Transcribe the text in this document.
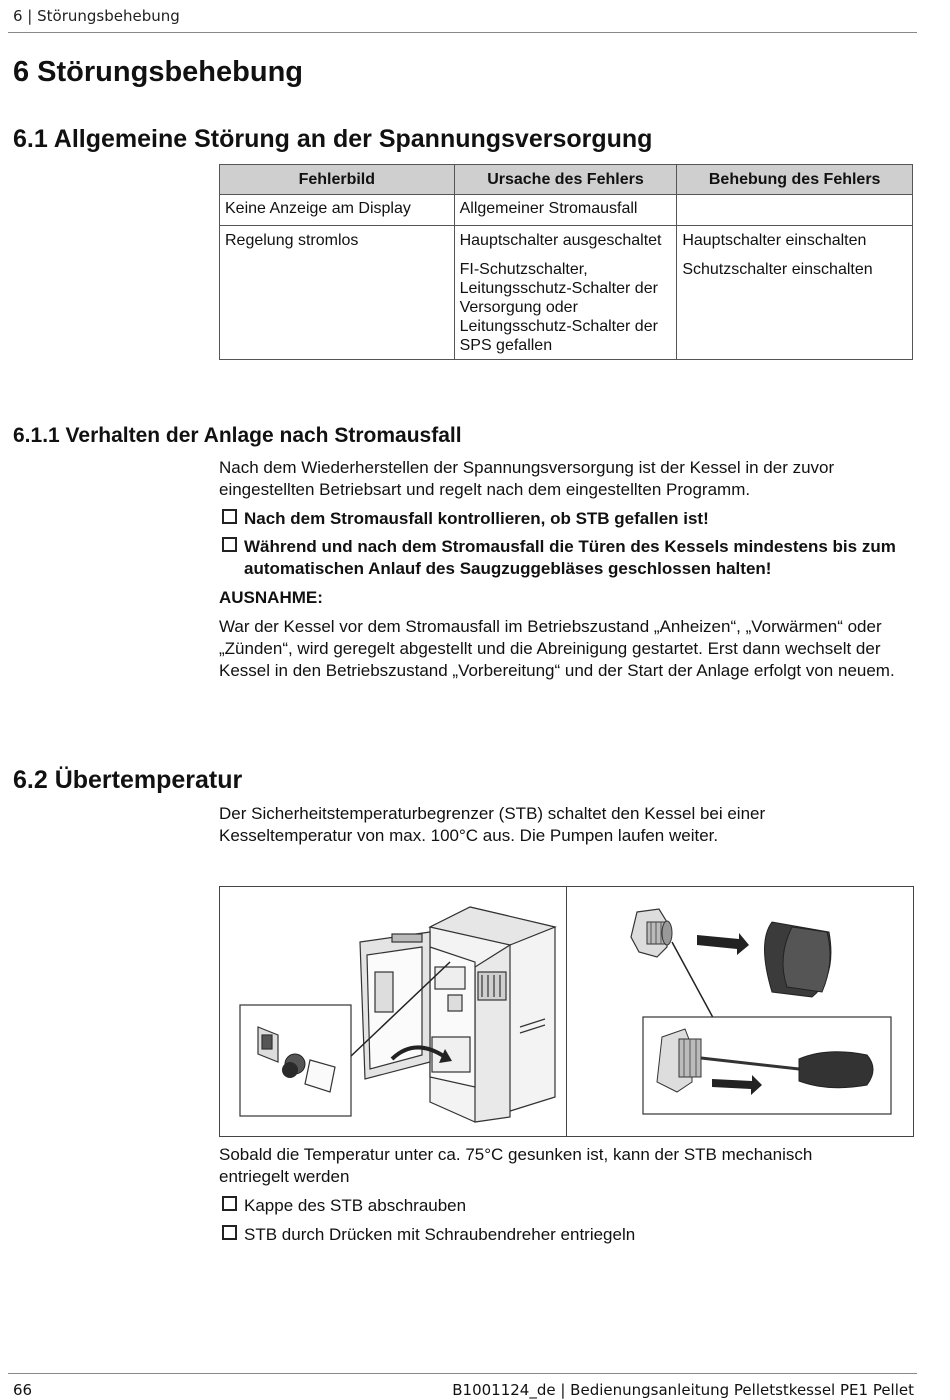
6 | Störungsbehebung
6 Störungsbehebung
6.1 Allgemeine Störung an der Spannungsversorgung
Fehlerbild	Ursache des Fehlers	Behebung des Fehlers
Keine Anzeige am Display	Allgemeiner Stromausfall	
Regelung stromlos	Hauptschalter ausgeschaltet	Hauptschalter einschalten
	FI-Schutzschalter, Leitungsschutz-Schalter der Versorgung oder Leitungsschutz-Schalter der SPS gefallen	Schutzschalter einschalten
6.1.1 Verhalten der Anlage nach Stromausfall
Nach dem Wiederherstellen der Spannungsversorgung ist der Kessel in der zuvor eingestellten Betriebsart und regelt nach dem eingestellten Programm.
Nach dem Stromausfall kontrollieren, ob STB gefallen ist!
Während und nach dem Stromausfall die Türen des Kessels mindestens bis zum automatischen Anlauf des Saugzuggebläses geschlossen halten!
AUSNAHME:
War der Kessel vor dem Stromausfall im Betriebszustand „Anheizen“, „Vorwärmen“ oder „Zünden“, wird geregelt abgestellt und die Abreinigung gestartet. Erst dann wechselt der Kessel in den Betriebszustand „Vorbereitung“ und der Start der Anlage erfolgt von neuem.
6.2 Übertemperatur
Der Sicherheitstemperaturbegrenzer (STB) schaltet den Kessel bei einer Kesseltemperatur von max. 100°C aus. Die Pumpen laufen weiter.
Sobald die Temperatur unter ca. 75°C gesunken ist, kann der STB mechanisch entriegelt werden
Kappe des STB abschrauben
STB durch Drücken mit Schraubendreher entriegeln
66	B1001124_de | Bedienungsanleitung Pelletstkessel PE1 Pellet
